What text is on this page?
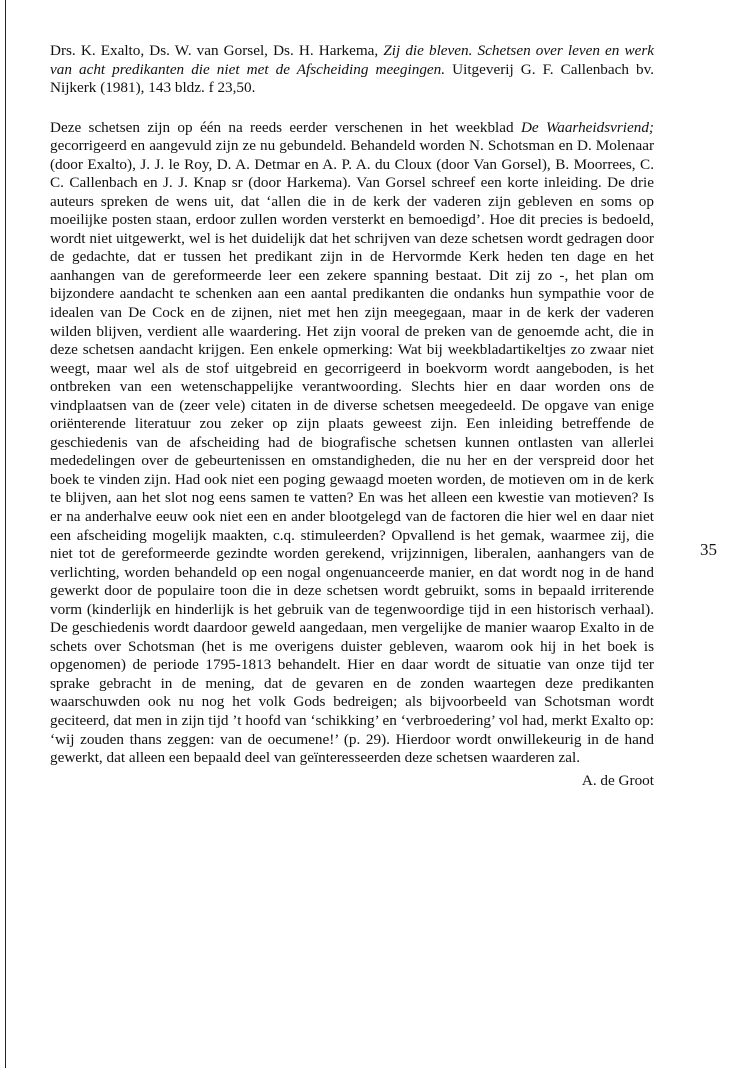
Drs. K. Exalto, Ds. W. van Gorsel, Ds. H. Harkema, Zij die bleven. Schetsen over leven en werk van acht predikanten die niet met de Afscheiding meegingen. Uitgeverij G. F. Callenbach bv. Nijkerk (1981), 143 bldz. f 23,50.

Deze schetsen zijn op één na reeds eerder verschenen in het weekblad De Waarheidsvriend; gecorrigeerd en aangevuld zijn ze nu gebundeld. Behandeld worden N. Schotsman en D. Molenaar (door Exalto), J. J. le Roy, D. A. Detmar en A. P. A. du Cloux (door Van Gorsel), B. Moorrees, C. C. Callenbach en J. J. Knap sr (door Harkema). Van Gorsel schreef een korte inleiding. De drie auteurs spreken de wens uit, dat ‘allen die in de kerk der vaderen zijn gebleven en soms op moeilijke posten staan, erdoor zullen worden versterkt en bemoedigd’. Hoe dit precies is bedoeld, wordt niet uitgewerkt, wel is het duidelijk dat het schrijven van deze schetsen wordt gedragen door de gedachte, dat er tussen het predikant zijn in de Hervormde Kerk heden ten dage en het aanhangen van de gereformeerde leer een zekere spanning bestaat. Dit zij zo -, het plan om bijzondere aandacht te schenken aan een aantal predikanten die ondanks hun sympathie voor de idealen van De Cock en de zijnen, niet met hen zijn meegegaan, maar in de kerk der vaderen wilden blijven, verdient alle waardering. Het zijn vooral de preken van de genoemde acht, die in deze schetsen aandacht krijgen. Een enkele opmerking: Wat bij weekbladartikeltjes zo zwaar niet weegt, maar wel als de stof uitgebreid en gecorrigeerd in boekvorm wordt aangeboden, is het ontbreken van een wetenschappelijke verantwoording. Slechts hier en daar worden ons de vindplaatsen van de (zeer vele) citaten in de diverse schetsen meegedeeld. De opgave van enige oriënterende literatuur zou zeker op zijn plaats geweest zijn. Een inleiding betreffende de geschiedenis van de afscheiding had de biografische schetsen kunnen ontlasten van allerlei mededelingen over de gebeurtenissen en omstandigheden, die nu her en der verspreid door het boek te vinden zijn. Had ook niet een poging gewaagd moeten worden, de motieven om in de kerk te blijven, aan het slot nog eens samen te vatten? En was het alleen een kwestie van motieven? Is er na anderhalve eeuw ook niet een en ander blootgelegd van de factoren die hier wel en daar niet een afscheiding mogelijk maakten, c.q. stimuleerden? Opvallend is het gemak, waarmee zij, die niet tot de gereformeerde gezindte worden gerekend, vrijzinnigen, liberalen, aanhangers van de verlichting, worden behandeld op een nogal ongenuanceerde manier, en dat wordt nog in de hand gewerkt door de populaire toon die in deze schetsen wordt gebruikt, soms in bepaald irriterende vorm (kinderlijk en hinderlijk is het gebruik van de tegenwoordige tijd in een historisch verhaal). De geschiedenis wordt daardoor geweld aangedaan, men vergelijke de manier waarop Exalto in de schets over Schotsman (het is me overigens duister gebleven, waarom ook hij in het boek is opgenomen) de periode 1795-1813 behandelt. Hier en daar wordt de situatie van onze tijd ter sprake gebracht in de mening, dat de gevaren en de zonden waartegen deze predikanten waarschuwden ook nu nog het volk Gods bedreigen; als bijvoorbeeld van Schotsman wordt geciteerd, dat men in zijn tijd ’t hoofd van ‘schikking’ en ‘verbroedering’ vol had, merkt Exalto op: ‘wij zouden thans zeggen: van de oecumene!’ (p. 29). Hierdoor wordt onwillekeurig in de hand gewerkt, dat alleen een bepaald deel van geïnteresseerden deze schetsen waarderen zal.

A. de Groot

35
